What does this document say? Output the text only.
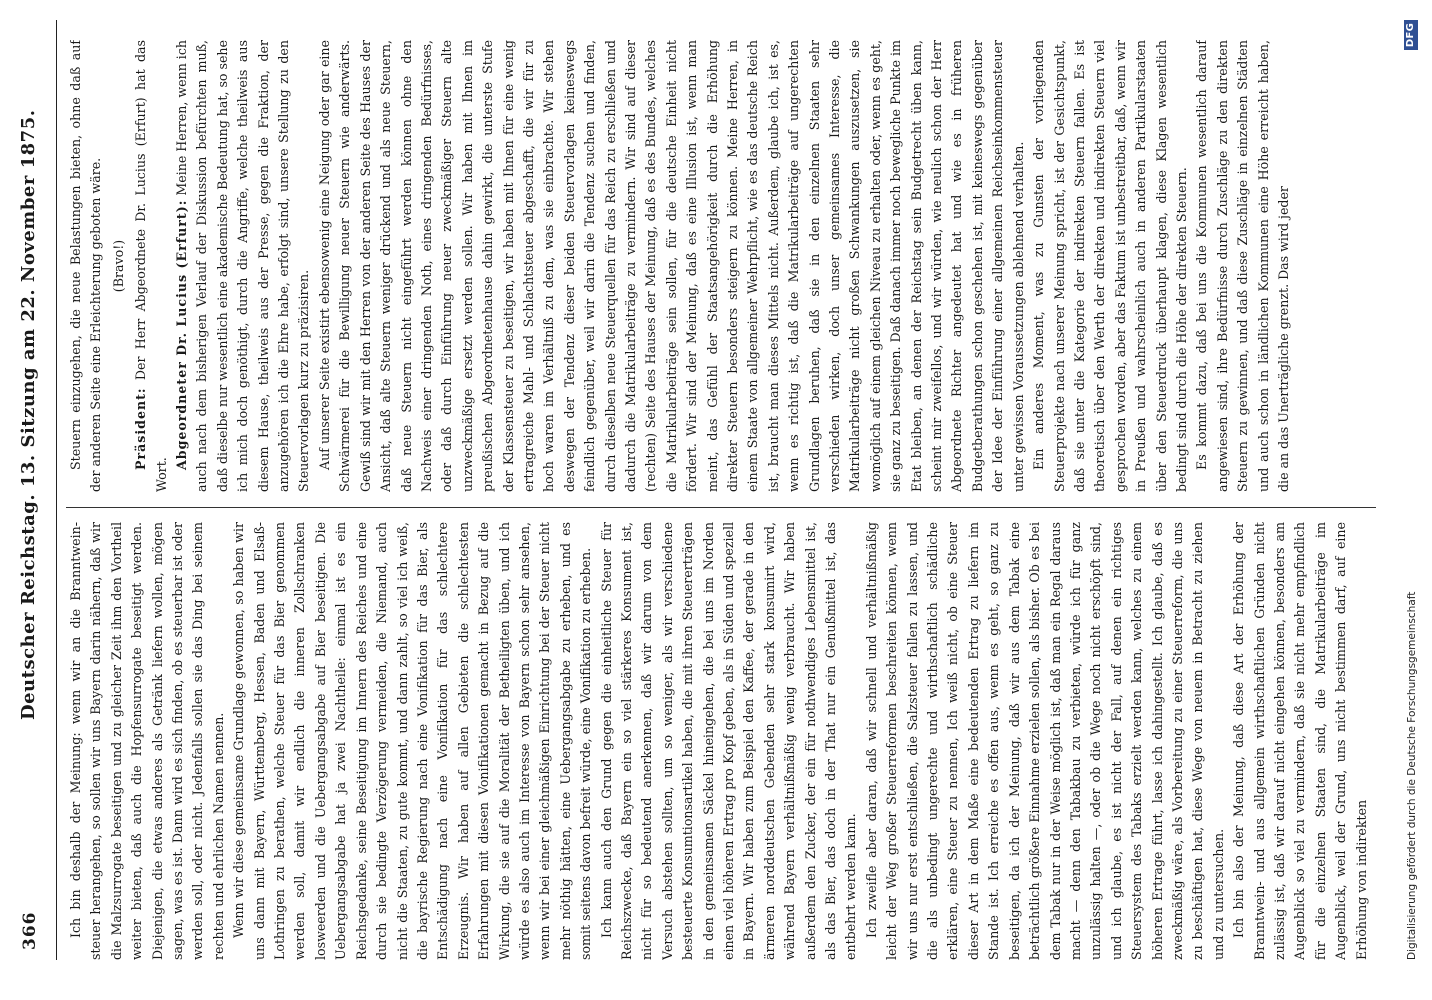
366
Deutscher Reichstag. 13. Sitzung am 22. November 1875.

Ich bin deshalb der Meinung: wenn wir an die Branntwein- steuer herangehen, so sollen wir uns Bayern darin nähern, daß wir die Malzsurrogate beseitigen und zu gleicher Zeit ihm den Vortheil weiter bieten, daß auch die Hopfensurrogate beseitigt werden. Diejenigen, die etwas anderes als Getränk liefern wollen, mögen sagen, was es ist. Dann wird es sich finden, ob es steuerbar ist oder werden soll, oder nicht. Jedenfalls sollen sie das Ding bei seinem rechten und ehrlichen Namen nennen. Wenn wir diese gemeinsame Grundlage gewonnen, so haben wir uns dann mit Bayern, Württemberg, Hessen, Baden und Elsaß-Lothringen zu berathen, welche Steuer für das Bier genommen werden soll, damit wir endlich die inneren Zollschranken losweerden und die Uebergangsabgabe auf Bier beseitigen. Die Uebergangsabgabe hat ja zwei Nachtheile: einmal ist es ein Reichsgedanke, seine Beseitigung im Innern des Reiches und eine durch sie bedingte Verzögerung vermeiden, die Niemand, auch nicht die Staaten, zu gute kommt, und dann zahlt, so viel ich weiß, die bayrische Regierung nach eine Vonifikation für das Bier, als Entschädigung nach eine Vonifikation für das schlechtere Erzeugnis. Wir haben auf allen Gebieten die schlechtesten Erfahrungen mit diesen Vonifikationen gemacht in Bezug auf die Wirkung, die sie auf die Moralität der Betheiligten üben, und ich würde es also auch im Interesse von Bayern schon sehr ansehen, wenn wir bei einer gleichmäßigen Einrichtung bei der Steuer nicht mehr nöthig hätten, eine Uebergangsabgabe zu erheben, und es somit seitens davon befreit würde, eine Vonifikation zu erheben. Ich kann auch den Grund gegen die einheitliche Steuer für Reichszwecke, daß Bayern ein so viel stärkeres Konsument ist, nicht für so bedeutend anerkennen, daß wir darum von dem Versuch abstehen sollten, um so weniger, als wir verschiedene besteuerte Konsumtionsartikel haben, die mit ihren Steuererträgen in den gemeinsamen Säckel hineingehen, die bei uns im Norden einen viel höheren Ertrag pro Kopf geben, als in Süden und speziell in Bayern. Wir haben zum Beispiel den Kaffee, der gerade in den ärmeren norddeutschen Gebenden sehr stark konsumirt wird, während Bayern verhältnißmäßig wenig verbraucht. Wir haben außerdem den Zucker, der ein für nothwendiges Lebensmittel ist, als das Bier, das doch in der That nur ein Genußmittel ist, das entbehrt werden kann. Ich zweifle aber daran, daß wir schnell und verhältnißmäßig leicht der Weg großer Steuerreformen beschreiten können, wenn wir uns nur erst entschließen, die Salzsteuer fallen zu lassen, und die als unbedingt ungerechte und wirthschaftlich schädliche erklären, eine Steuer zu nennen, Ich weiß nicht, ob eine Steuer dieser Art in dem Maße eine bedeutenden Ertrag zu liefern im Stande ist. Ich erreiche es offen aus, wenn es geht, so ganz zu beseitigen, da ich der Meinung, daß wir aus dem Tabak eine beträchtlich größere Einnahme erzielen sollen, als bisher. Ob es bei dem Tabak nur in der Weise möglich ist, daß man ein Regal daraus macht — denn den Tabakbau zu verbieten, würde ich für ganz unzulässig halten —, oder ob die Wege noch nicht erschöpft sind, und ich glaube, es ist nicht der Fall, auf denen ein richtiges Steuersystem des Tabaks erzielt werden kann, welches zu einem höheren Ertrage führt, lasse ich dahingestellt. Ich glaube, daß es zweckmäßig wäre, als Vorbereitung zu einer Steuerreform, die uns zu beschäftigen hat, diese Wege von neuem in Betracht zu ziehen und zu untersuchen. Ich bin also der Meinung, daß diese Art der Erhöhung der Branntwein- und aus allgemein wirthschaftlichen Gründen nicht zulässig ist, daß wir darauf nicht eingehen können, besonders am Augenblick so viel zu vermindern, daß sie nicht mehr empfindlich für die einzelnen Staaten sind, die Matrikularbeiträge im Augenblick, weil der Grund, uns nicht bestimmen darf, auf eine Erhöhung von indirekten

Steuern einzugehen, die neue Belastungen bieten, ohne daß auf der anderen Seite eine Erleichterung geboten wäre. (Bravo!)

Präsident: Der Herr Abgeordnete Dr. Lucius (Erfurt) hat das Wort.

Abgeordneter Dr. Lucius (Erfurt): Meine Herren, wenn ich auch nach dem bisherigen Verlauf der Diskussion befürchten muß, daß dieselbe nur wesentlich eine akademische Bedeutung hat, so sehe ich mich doch genöthigt, durch die Angriffe, welche theilweis aus diesem Hause, theilweis aus der Presse, gegen die Fraktion, der anzugehören ich die Ehre habe, erfolgt sind, unsere Stellung zu den Steuervorlagen kurz zu präzisiren. Auf unserer Seite existirt ebensowenig eine Neigung oder gar eine Schwärmerei für die Bewilligung neuer Steuern wie anderwärts. Gewiß sind wir mit den Herren von der anderen Seite des Hauses der Ansicht, daß alte Steuern weniger drückend und als neue Steuern, daß neue Steuern nicht eingeführt werden können ohne den Nachweis einer dringenden Noth, eines dringenden Bedürfnisses, oder daß durch Einführung neuer zweckmäßiger Steuern alte unzweckmäßige ersetzt werden sollen. Wir haben mit Ihnen im preußischen Abgeordnetenhause dahin gewirkt, die unterste Stufe der Klassensteuer zu beseitigen, wir haben mit Ihnen für eine wenig ertragreiche Mahl- und Schlachtsteuer abgeschafft, die wir für zu hoch waren im Verhältniß zu dem, was sie einbrachte. Wir stehen deswegen der Tendenz dieser beiden Steuervorlagen keineswegs feindlich gegenüber, weil wir darin die Tendenz suchen und finden, durch dieselben neue Steuerquellen für das Reich zu erschließen und dadurch die Matrikularbeiträge zu vermindern. Wir sind auf dieser (rechten) Seite des Hauses der Meinung, daß es des Bundes, welches die Matrikularbeiträge sein sollen, für die deutsche Einheit nicht fördert. Wir sind der Meinung, daß es eine Illusion ist, wenn man meint, das Gefühl der Staatsangehörigkeit durch die Erhöhung direkter Steuern besonders steigern zu können. Meine Herren, in einem Staate von allgemeiner Wehrpflicht, wie es das deutsche Reich ist, braucht man dieses Mittels nicht. Außerdem, glaube ich, ist es, wenn es richtig ist, daß die Matrikularbeiträge auf ungerechten Grundlagen beruhen, daß sie in den einzelnen Staaten sehr verschieden wirken, doch unser gemeinsames Interesse, die Matrikularbeiträge nicht großen Schwankungen auszusetzen, sie womöglich auf einem gleichen Niveau zu erhalten oder, wenn es geht, sie ganz zu beseitigen. Daß danach immer noch bewegliche Punkte im Etat bleiben, an denen der Reichstag sein Budgetrecht üben kann, scheint mir zweifellos, und wir würden, wie neulich schon der Herr Abgeordnete Richter angedeutet hat und wie es in früheren Budgetberathungen schon geschehen ist, mit keineswegs gegenüber der Idee der Einführung einer allgemeinen Reichseinkommensteuer unter gewissen Voraussetzungen ablehnend verhalten. Ein anderes Moment, was zu Gunsten der vorliegenden Steuerprojekte nach unserer Meinung spricht, ist der Gesichtspunkt, daß sie unter die Kategorie der indirekten Steuern fallen. Es ist theoretisch über den Werth der direkten und indirekten Steuern viel gesprochen worden, aber das Faktum ist unbestreitbar, daß, wenn wir in Preußen und wahrscheinlich auch in anderen Partikularstaaten über den Steuerdruck überhaupt klagen, diese Klagen wesentlich bedingt sind durch die Höhe der direkten Steuern. Es kommt dazu, daß bei uns die Kommunen wesentlich darauf angewiesen sind, ihre Bedürfnisse durch Zuschläge zu den direkten Steuern zu gewinnen, und daß diese Zuschläge in einzelnen Städten und auch schon in ländlichen Kommunen eine Höhe erreicht haben, die an das Unerträgliche grenzt. Das wird jeder

Digitalisierung gefördert durch die Deutsche Forschungsgemeinschaft
DFG
